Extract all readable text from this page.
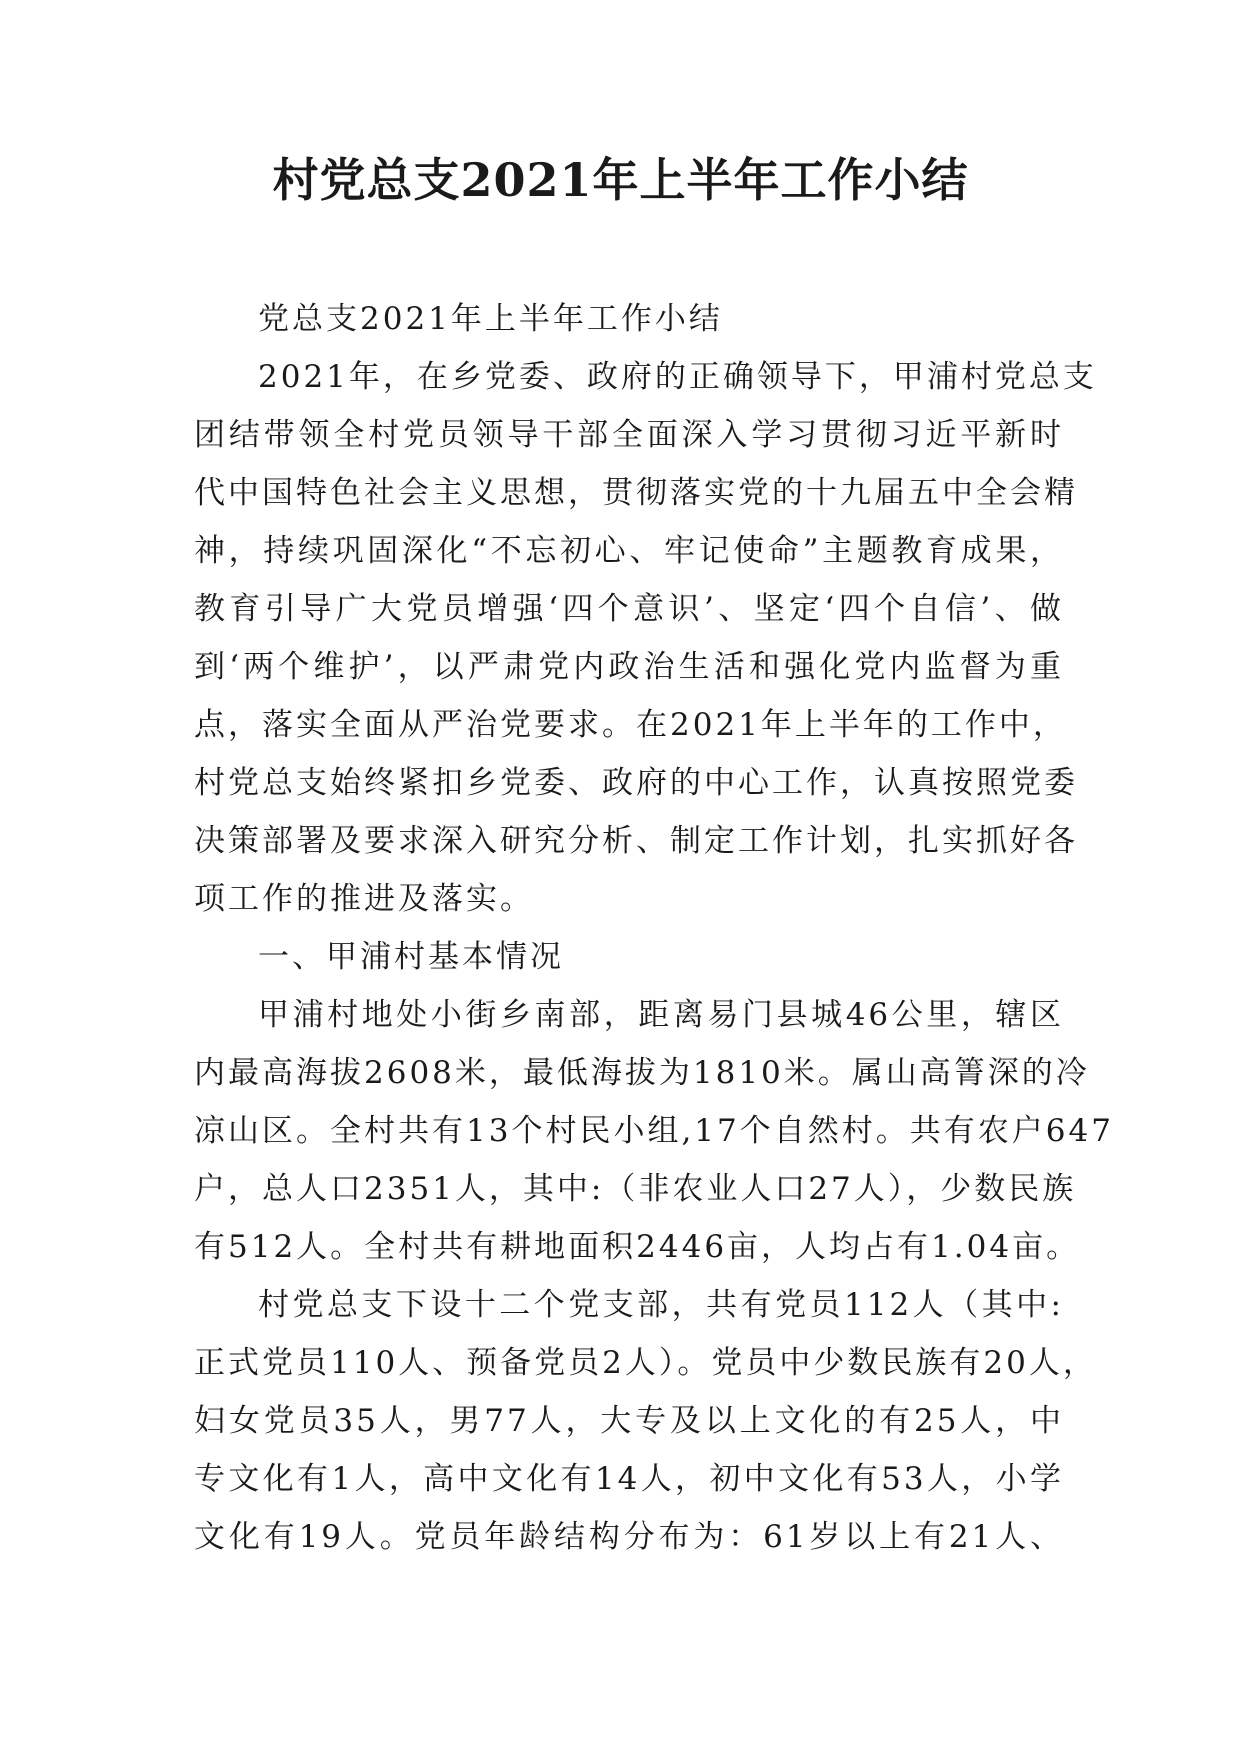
村党总支2021年上半年工作小结
党总支2021年上半年工作小结
2021年，在乡党委、政府的正确领导下，甲浦村党总支
团结带领全村党员领导干部全面深入学习贯彻习近平新时
代中国特色社会主义思想，贯彻落实党的十九届五中全会精
神，持续巩固深化“不忘初心、牢记使命”主题教育成果，
教育引导广大党员增强‘四个意识’、坚定‘四个自信’、做
到‘两个维护’，以严肃党内政治生活和强化党内监督为重
点，落实全面从严治党要求。在2021年上半年的工作中，
村党总支始终紧扣乡党委、政府的中心工作，认真按照党委
决策部署及要求深入研究分析、制定工作计划，扎实抓好各
项工作的推进及落实。
一、甲浦村基本情况
甲浦村地处小街乡南部，距离易门县城46公里，辖区
内最高海拔2608米，最低海拔为1810米。属山高箐深的冷
凉山区。全村共有13个村民小组,17个自然村。共有农户647
户，总人口2351人，其中:（非农业人口27人），少数民族
有512人。全村共有耕地面积2446亩，人均占有1.04亩。
村党总支下设十二个党支部，共有党员112人（其中:
正式党员110人、预备党员2人）。党员中少数民族有20人，
妇女党员35人，男77人，大专及以上文化的有25人，中
专文化有1人，高中文化有14人，初中文化有53人，小学
文化有19人。党员年龄结构分布为：61岁以上有21人、
